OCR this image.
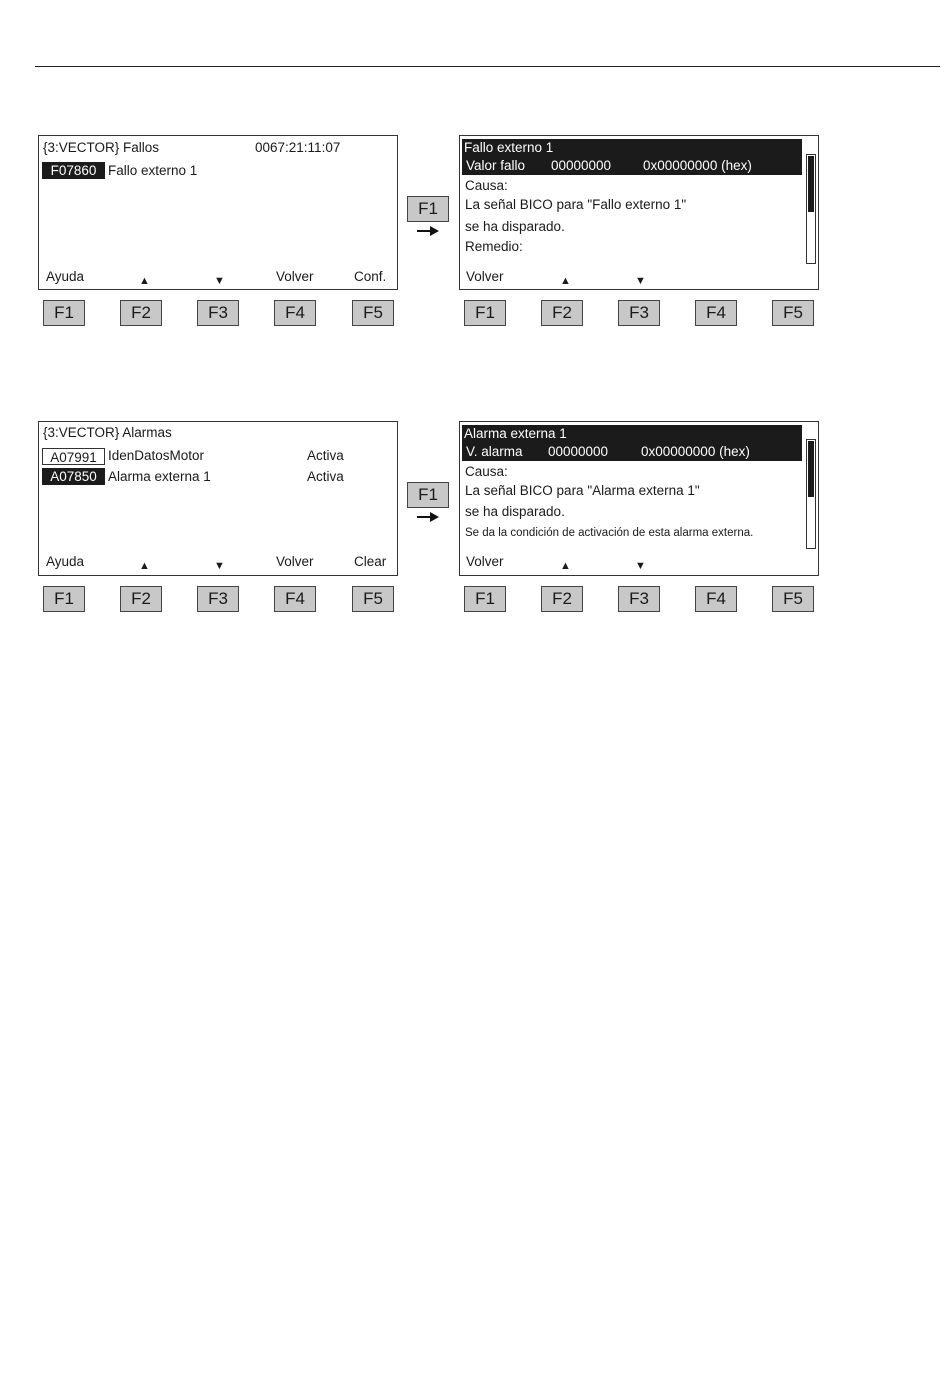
{3:VECTOR} Fallos	0067:21:11:07
F07860 Fallo externo 1
Ayuda	▲	▼	Volver	Conf.
F1	F2	F3	F4	F5
F1
Fallo externo 1
Valor fallo 00000000 0x00000000 (hex)
Causa:
La señal BICO para "Fallo externo 1"
se ha disparado.
Remedio:
Volver	▲	▼
F1	F2	F3	F4	F5
{3:VECTOR} Alarmas
A07991 IdenDatosMotor	Activa
A07850 Alarma externa 1	Activa
Ayuda	▲	▼	Volver	Clear
F1	F2	F3	F4	F5
F1
Alarma externa 1
V. alarma 00000000 0x00000000 (hex)
Causa:
La señal BICO para "Alarma externa 1"
se ha disparado.
Se da la condición de activación de esta alarma externa.
Volver	▲	▼
F1	F2	F3	F4	F5
